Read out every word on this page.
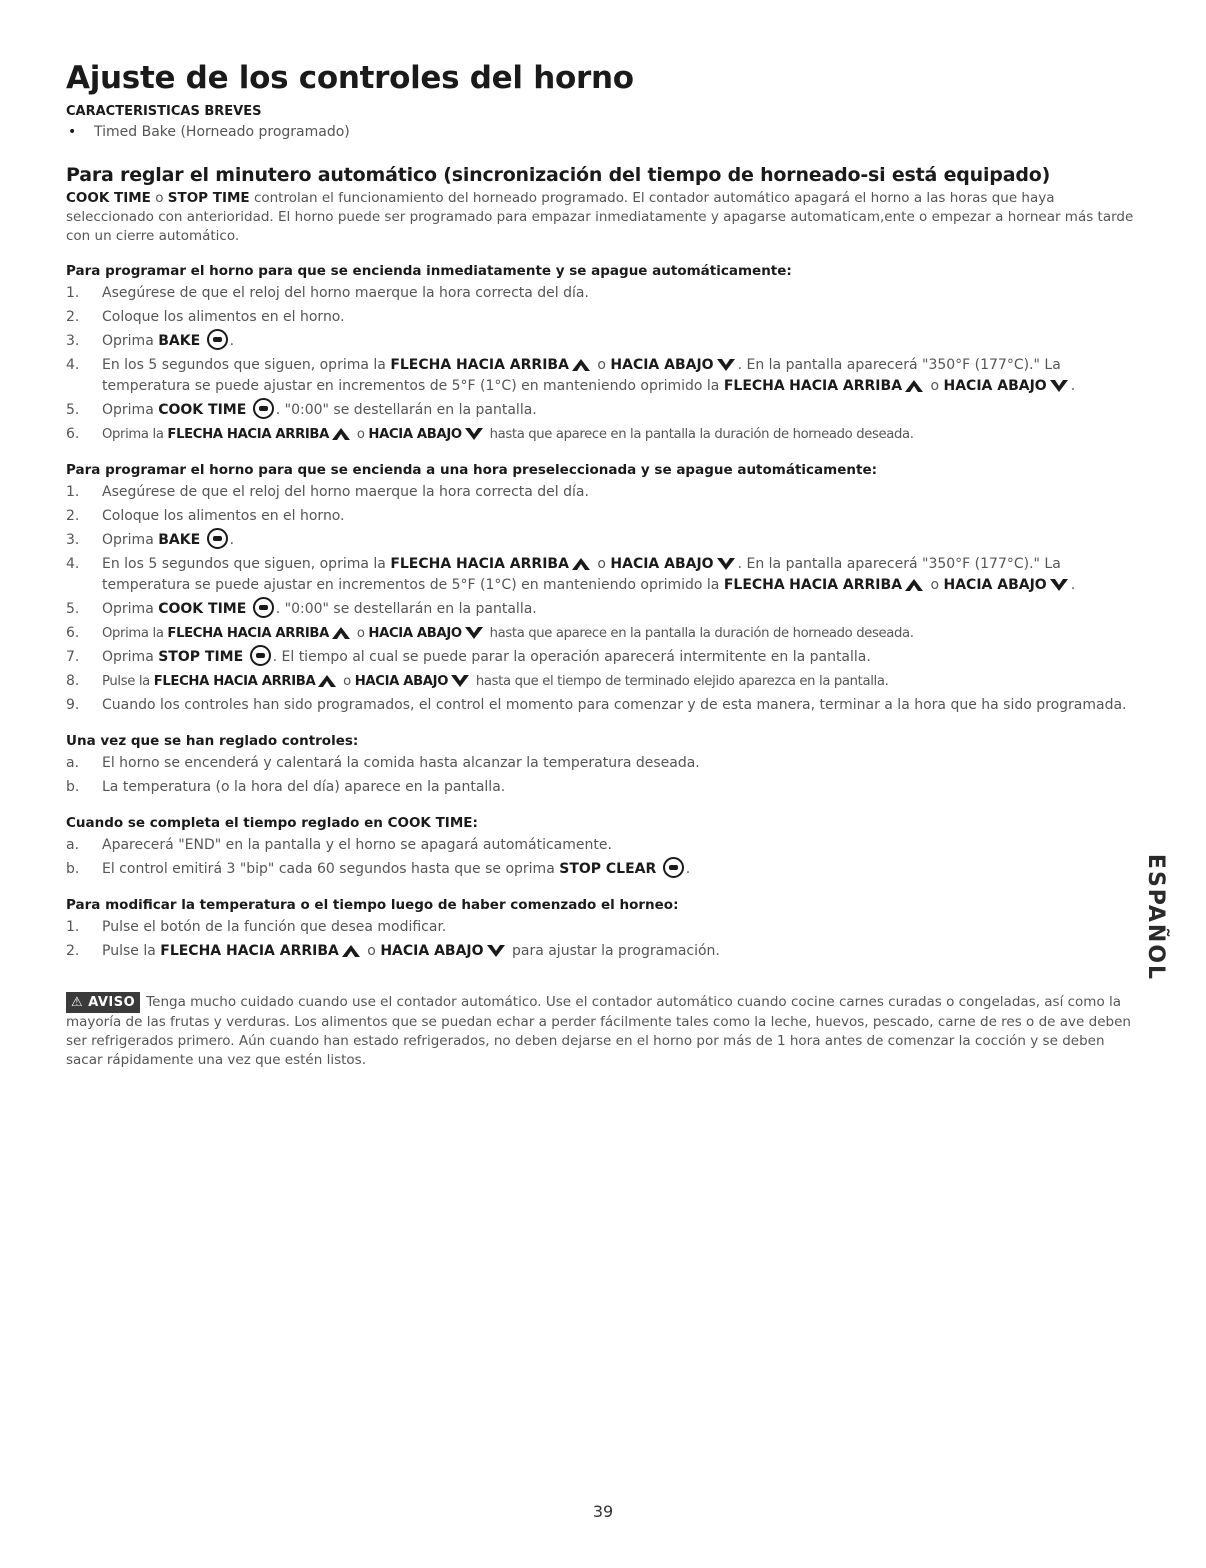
Ajuste de los controles del horno
CARACTERISTICAS BREVES
• Timed Bake (Horneado programado)
Para reglar el minutero automático (sincronización del tiempo de horneado-si está equipado)

COOK TIME o STOP TIME controlan el funcionamiento del horneado programado. El contador automático apagará el horno a las horas que haya seleccionado con anterioridad. El horno puede ser programado para empazar inmediatamente y apagarse automaticam,ente o empezar a hornear más tarde con un cierre automático.

Para programar el horno para que se encienda inmediatamente y se apague automáticamente:
1.	Asegúrese de que el reloj del horno maerque la hora correcta del día.
2.	Coloque los alimentos en el horno.
3.	Oprima BAKE .
4.	En los 5 segundos que siguen, oprima la FLECHA HACIA ARRIBA o HACIA ABAJO . En la pantalla aparecerá "350°F (177°C)." La temperatura se puede ajustar en incrementos de 5°F (1°C) en manteniendo oprimido la FLECHA HACIA ARRIBA o HACIA ABAJO .
5.	Oprima COOK TIME . "0:00" se destellarán en la pantalla.
6.	Oprima la FLECHA HACIA ARRIBA o HACIA ABAJO hasta que aparece en la pantalla la duración de horneado deseada.
Para programar el horno para que se encienda a una hora preseleccionada y se apague automáticamente:
1.	Asegúrese de que el reloj del horno maerque la hora correcta del día.
2.	Coloque los alimentos en el horno.
3.	Oprima BAKE .
4.	En los 5 segundos que siguen, oprima la FLECHA HACIA ARRIBA o HACIA ABAJO . En la pantalla aparecerá "350°F (177°C)." La temperatura se puede ajustar en incrementos de 5°F (1°C) en manteniendo oprimido la FLECHA HACIA ARRIBA o HACIA ABAJO .
5.	Oprima COOK TIME . "0:00" se destellarán en la pantalla.
6.	Oprima la FLECHA HACIA ARRIBA o HACIA ABAJO hasta que aparece en la pantalla la duración de horneado deseada.
7.	Oprima STOP TIME . El tiempo al cual se puede parar la operación aparecerá intermitente en la pantalla.
8.	Pulse la FLECHA HACIA ARRIBA o HACIA ABAJO hasta que el tiempo de terminado elejido aparezca en la pantalla.
9.	Cuando los controles han sido programados, el control el momento para comenzar y de esta manera, terminar a la hora que ha sido programada.
Una vez que se han reglado controles:
a.	El horno se encenderá y calentará la comida hasta alcanzar la temperatura deseada.
b.	La temperatura (o la hora del día) aparece en la pantalla.
Cuando se completa el tiempo reglado en COOK TIME:
a.	Aparecerá "END" en la pantalla y el horno se apagará automáticamente.
b.	El control emitirá 3 "bip" cada 60 segundos hasta que se oprima STOP CLEAR .
Para modificar la temperatura o el tiempo luego de haber comenzado el horneo:
1.	Pulse el botón de la función que desea modificar.
2.	Pulse la FLECHA HACIA ARRIBA o HACIA ABAJO para ajustar la programación.

⚠ AVISO Tenga mucho cuidado cuando use el contador automático. Use el contador automático cuando cocine carnes curadas o congeladas, así como la mayoría de las frutas y verduras. Los alimentos que se puedan echar a perder fácilmente tales como la leche, huevos, pescado, carne de res o de ave deben ser refrigerados primero. Aún cuando han estado refrigerados, no deben dejarse en el horno por más de 1 hora antes de comenzar la cocción y se deben sacar rápidamente una vez que estén listos.

ESPAÑOL
39
